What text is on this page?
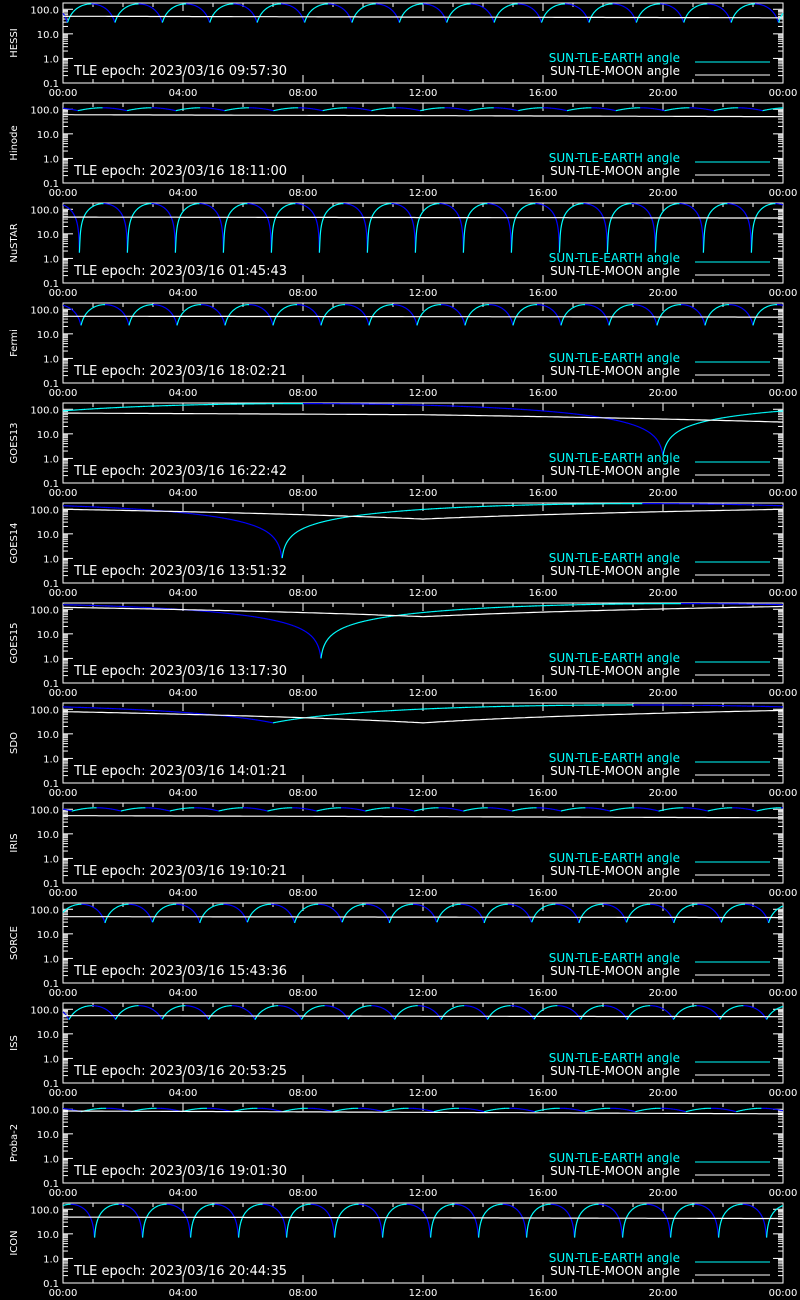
100.0
10.0
1.0
0.1
00:00	04:00	08:00	12:00	16:00	20:00	00:00
HESSI
SUN-TLE-EARTH angle
SUN-TLE-MOON angle
TLE epoch: 2023/03/16 09:57:30
100.0
10.0
1.0
0.1
00:00	04:00	08:00	12:00	16:00	20:00	00:00
Hinode	SUN-TLE-EARTH angle
SUN-TLE-MOON angle
TLE epoch: 2023/03/16 18:11:00
100.0
10.0
1.0
0.1
00:00	04:00	08:00	12:00	16:00	20:00	00:00
NuSTAR	SUN-TLE-EARTH angle
SUN-TLE-MOON angle
TLE epoch: 2023/03/16 01:45:43
100.0
10.0
1.0
0.1
00:00	04:00	08:00	12:00	16:00	20:00	00:00
Fermi
SUN-TLE-EARTH angle
SUN-TLE-MOON angle
TLE epoch: 2023/03/16 18:02:21
100.0
10.0
1.0
0.1
00:00	04:00	08:00	12:00	16:00	20:00	00:00
GOES13	SUN-TLE-EARTH angle
SUN-TLE-MOON angle
TLE epoch: 2023/03/16 16:22:42
100.0
10.0
1.0
0.1
00:00	04:00	08:00	12:00	16:00	20:00	00:00
GOES14	SUN-TLE-EARTH angle
SUN-TLE-MOON angle
TLE epoch: 2023/03/16 13:51:32
100.0
10.0
1.0
0.1
00:00	04:00	08:00	12:00	16:00	20:00	00:00
GOES15	SUN-TLE-EARTH angle
SUN-TLE-MOON angle
TLE epoch: 2023/03/16 13:17:30
100.0
10.0
1.0
0.1
00:00	04:00	08:00	12:00	16:00	20:00	00:00
SDO
SUN-TLE-EARTH angle
SUN-TLE-MOON angle
TLE epoch: 2023/03/16 14:01:21
100.0
10.0
1.0
0.1
00:00	04:00	08:00	12:00	16:00	20:00	00:00
IRIS
SUN-TLE-EARTH angle
SUN-TLE-MOON angle
TLE epoch: 2023/03/16 19:10:21
100.0
10.0
1.0
0.1
00:00	04:00	08:00	12:00	16:00	20:00	00:00
SORCE	SUN-TLE-EARTH angle
SUN-TLE-MOON angle
TLE epoch: 2023/03/16 15:43:36
100.0
10.0
1.0
0.1
00:00	04:00	08:00	12:00	16:00	20:00	00:00
ISS
SUN-TLE-EARTH angle
SUN-TLE-MOON angle
TLE epoch: 2023/03/16 20:53:25
100.0
10.0
1.0
0.1
00:00	04:00	08:00	12:00	16:00	20:00	00:00
Proba-2	SUN-TLE-EARTH angle
SUN-TLE-MOON angle
TLE epoch: 2023/03/16 19:01:30
100.0
10.0
1.0
0.1
00:00	04:00	08:00	12:00	16:00	20:00	00:00
ICON
SUN-TLE-EARTH angle
SUN-TLE-MOON angle
TLE epoch: 2023/03/16 20:44:35
